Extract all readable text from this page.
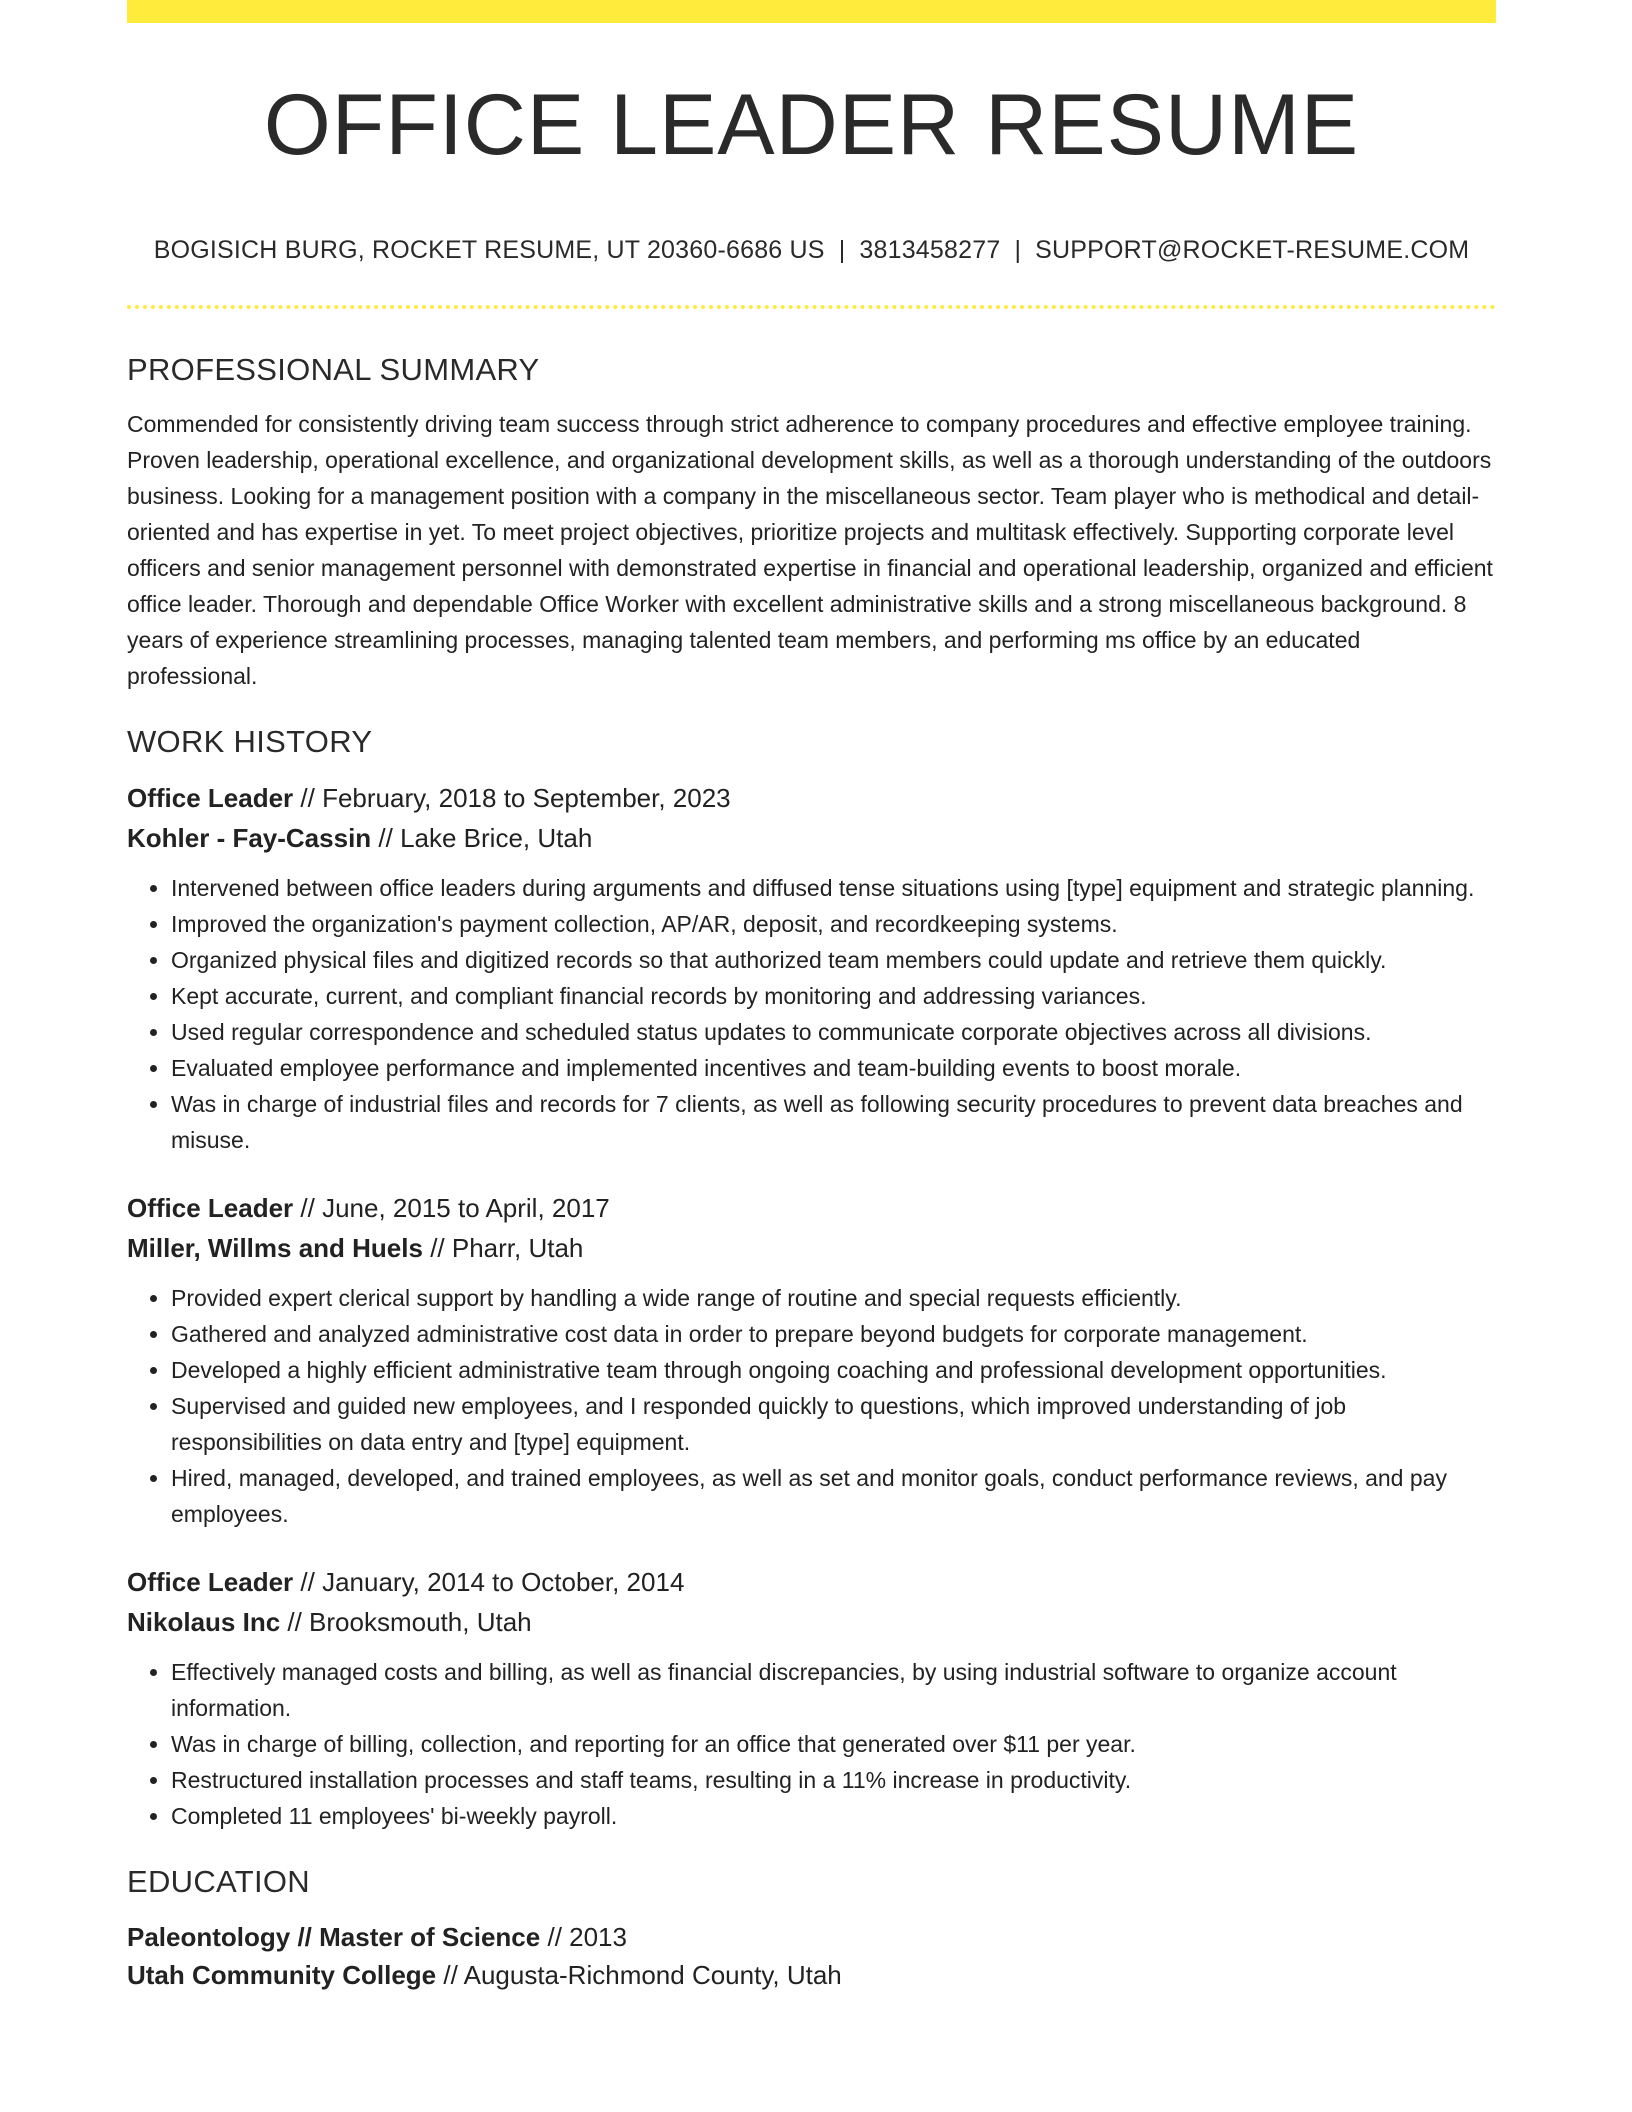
OFFICE LEADER RESUME
BOGISICH BURG, ROCKET RESUME, UT 20360-6686 US | 3813458277 | SUPPORT@ROCKET-RESUME.COM
PROFESSIONAL SUMMARY

Commended for consistently driving team success through strict adherence to company procedures and effective employee training. Proven leadership, operational excellence, and organizational development skills, as well as a thorough understanding of the outdoors business. Looking for a management position with a company in the miscellaneous sector. Team player who is methodical and detail-oriented and has expertise in yet. To meet project objectives, prioritize projects and multitask effectively. Supporting corporate level officers and senior management personnel with demonstrated expertise in financial and operational leadership, organized and efficient office leader. Thorough and dependable Office Worker with excellent administrative skills and a strong miscellaneous background. 8 years of experience streamlining processes, managing talented team members, and performing ms office by an educated professional.

WORK HISTORY

Office Leader // February, 2018 to September, 2023

Kohler - Fay-Cassin // Lake Brice, Utah

• Intervened between office leaders during arguments and diffused tense situations using [type] equipment and strategic planning.
• Improved the organization's payment collection, AP/AR, deposit, and recordkeeping systems.
• Organized physical files and digitized records so that authorized team members could update and retrieve them quickly.
• Kept accurate, current, and compliant financial records by monitoring and addressing variances.
• Used regular correspondence and scheduled status updates to communicate corporate objectives across all divisions.
• Evaluated employee performance and implemented incentives and team-building events to boost morale.
• Was in charge of industrial files and records for 7 clients, as well as following security procedures to prevent data breaches and misuse.

Office Leader // June, 2015 to April, 2017

Miller, Willms and Huels // Pharr, Utah

• Provided expert clerical support by handling a wide range of routine and special requests efficiently.
• Gathered and analyzed administrative cost data in order to prepare beyond budgets for corporate management.
• Developed a highly efficient administrative team through ongoing coaching and professional development opportunities.
• Supervised and guided new employees, and I responded quickly to questions, which improved understanding of job responsibilities on data entry and [type] equipment.
• Hired, managed, developed, and trained employees, as well as set and monitor goals, conduct performance reviews, and pay employees.

Office Leader // January, 2014 to October, 2014

Nikolaus Inc // Brooksmouth, Utah

• Effectively managed costs and billing, as well as financial discrepancies, by using industrial software to organize account information.
• Was in charge of billing, collection, and reporting for an office that generated over $11 per year.
• Restructured installation processes and staff teams, resulting in a 11% increase in productivity.
• Completed 11 employees' bi-weekly payroll.
EDUCATION

Paleontology // Master of Science // 2013

Utah Community College // Augusta-Richmond County, Utah
